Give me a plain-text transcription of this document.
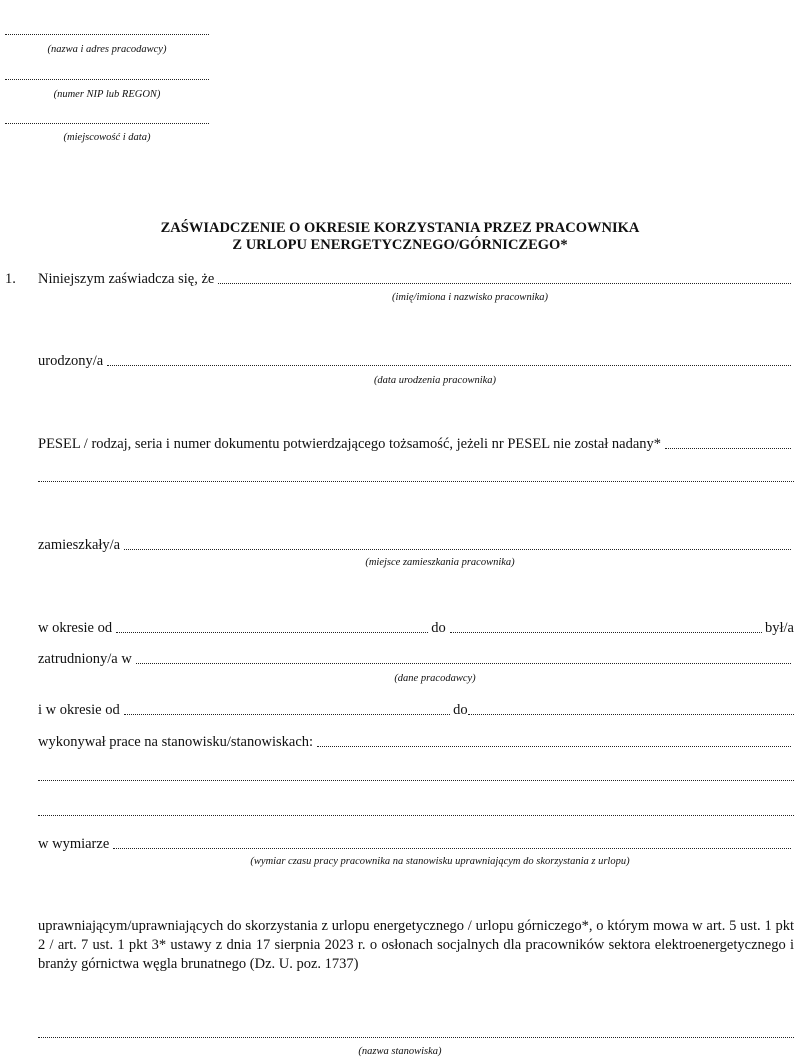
(nazwa i adres pracodawcy)
(numer NIP lub REGON)
(miejscowość i data)
ZAŚWIADCZENIE O OKRESIE KORZYSTANIA PRZEZ PRACOWNIKA
Z URLOPU ENERGETYCZNEGO/GÓRNICZEGO*
1. Niniejszym zaświadcza się, że
(imię/imiona i nazwisko pracownika)
urodzony/a
(data urodzenia pracownika)
PESEL / rodzaj, seria i numer dokumentu potwierdzającego tożsamość, jeżeli nr PESEL nie został nadany*
zamieszkały/a
(miejsce zamieszkania pracownika)
w okresie od	do	był/a
zatrudniony/a w
(dane pracodawcy)
i w okresie od	do
wykonywał prace na stanowisku/stanowiskach:
w wymiarze
(wymiar czasu pracy pracownika na stanowisku uprawniającym do skorzystania z urlopu)
uprawniającym/uprawniających do skorzystania z urlopu energetycznego / urlopu górniczego*, o którym mowa w art. 5 ust. 1 pkt 2 / art. 7 ust. 1 pkt 3* ustawy z dnia 17 sierpnia 2023 r. o osłonach socjalnych dla pracowników sektora elektroenergetycznego i branży górnictwa węgla brunatnego (Dz. U. poz. 1737)
(nazwa stanowiska)
